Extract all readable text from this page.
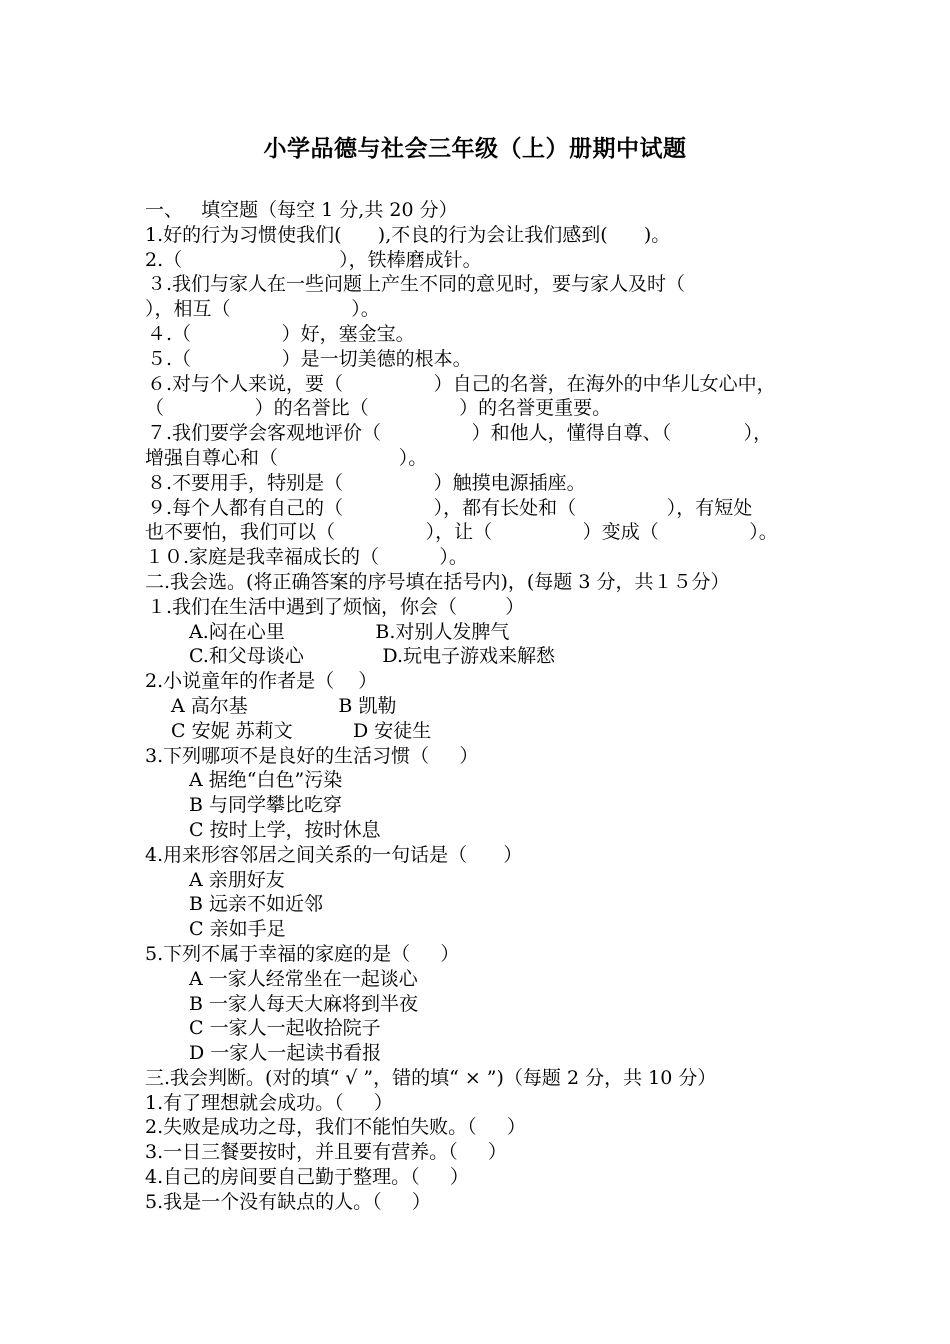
小学品德与社会三年级（上）册期中试题
一、   填空题（每空 1 分,共 20 分）
1.好的行为习惯使我们(      ),不良的行为会让我们感到(      )。
2.（                          ），铁棒磨成针。
３.我们与家人在一些问题上产生不同的意见时，要与家人及时（
），相互（                    ）。
４.（               ）好，塞金宝。
５.（               ）是一切美德的根本。
６.对与个人来说，要（               ）自己的名誉，在海外的中华儿女心中，
（               ）的名誉比（               ）的名誉更重要。
７.我们要学会客观地评价（               ）和他人，懂得自尊、（            ），
增强自尊心和（                    ）。
８.不要用手，特别是（               ）触摸电源插座。
９.每个人都有自己的（               ），都有长处和（               ），有短处
也不要怕，我们可以（               ），让（               ）变成（               ）。
１０.家庭是我幸福成长的（          ）。
二.我会选。(将正确答案的序号填在括号内)，(每题 3 分，共１５分）
１.我们在生活中遇到了烦恼，你会（        ）
A.闷在心里               B.对别人发脾气
C.和父母谈心             D.玩电子游戏来解愁
2.小说童年的作者是（    ）
A 高尔基               B 凯勒
C 安妮 苏莉文          D 安徒生
3.下列哪项不是良好的生活习惯（     ）
A 据绝“白色”污染
B 与同学攀比吃穿
C 按时上学，按时休息
4.用来形容邻居之间关系的一句话是（      ）
A 亲朋好友
B 远亲不如近邻
C 亲如手足
5.下列不属于幸福的家庭的是（     ）
A 一家人经常坐在一起谈心
B 一家人每天大麻将到半夜
C 一家人一起收拾院子
D 一家人一起读书看报
三.我会判断。(对的填“ √ ”，错的填“ × ”)（每题 2 分，共 10 分）
1.有了理想就会成功。（     ）
2.失败是成功之母，我们不能怕失败。（     ）
3.一日三餐要按时，并且要有营养。（     ）
4.自己的房间要自己勤于整理。（     ）
5.我是一个没有缺点的人。（     ）
